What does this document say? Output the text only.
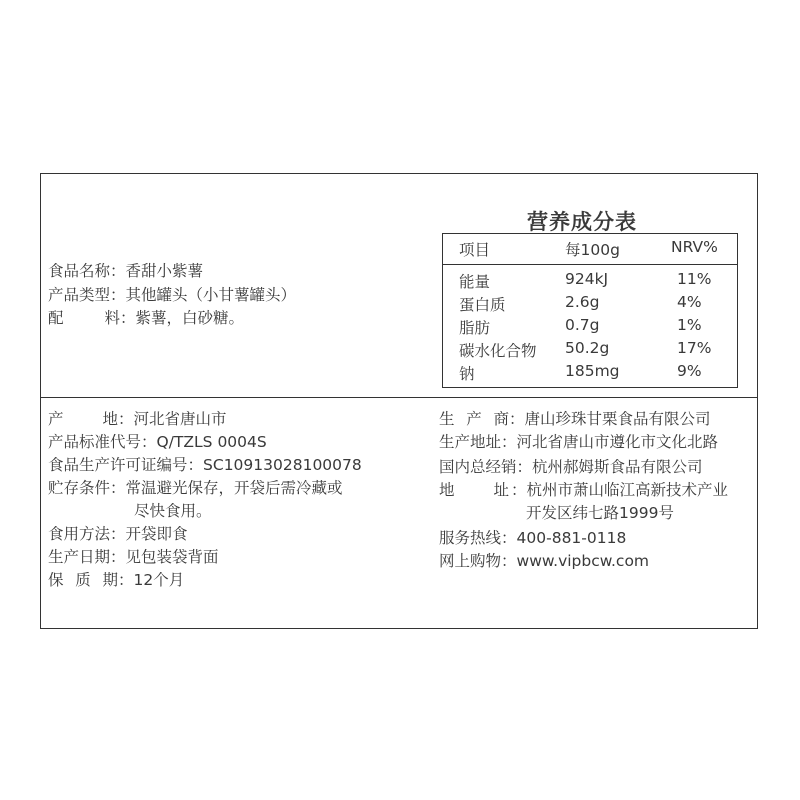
食品名称 ： 香甜小紫薯
产品类型 ： 其他罐头（小甘薯罐头）
配	料 ： 紫薯，白砂糖。
营养成分表
项目	每100g	NRV%
能量	924kJ	11%
蛋白质	2.6g	4%
脂肪	0.7g	1%
碳水化合物 50.2g	17%
钠	185mg	9%
产	地 ： 河北省唐山市
产品标准代号 ： Q/TZLS 0004S
食品生产许可证编号 ： SC10913028100078
贮存条件 ： 常温避光保存，开袋后需冷藏或
尽快食用。
食用方法 ： 开袋即食
生产日期 ： 见包装袋背面
保 质 期 ： 12个月
生 产 商 ： 唐山珍珠甘栗食品有限公司
生产地址 ： 河北省唐山市遵化市文化北路
国内总经销 ： 杭州郝姆斯食品有限公司
地	址 ： 杭州市萧山临江高新技术产业
开发区纬七路1999号
服务热线 ： 400-881-0118
网上购物 ： www.vipbcw.com
